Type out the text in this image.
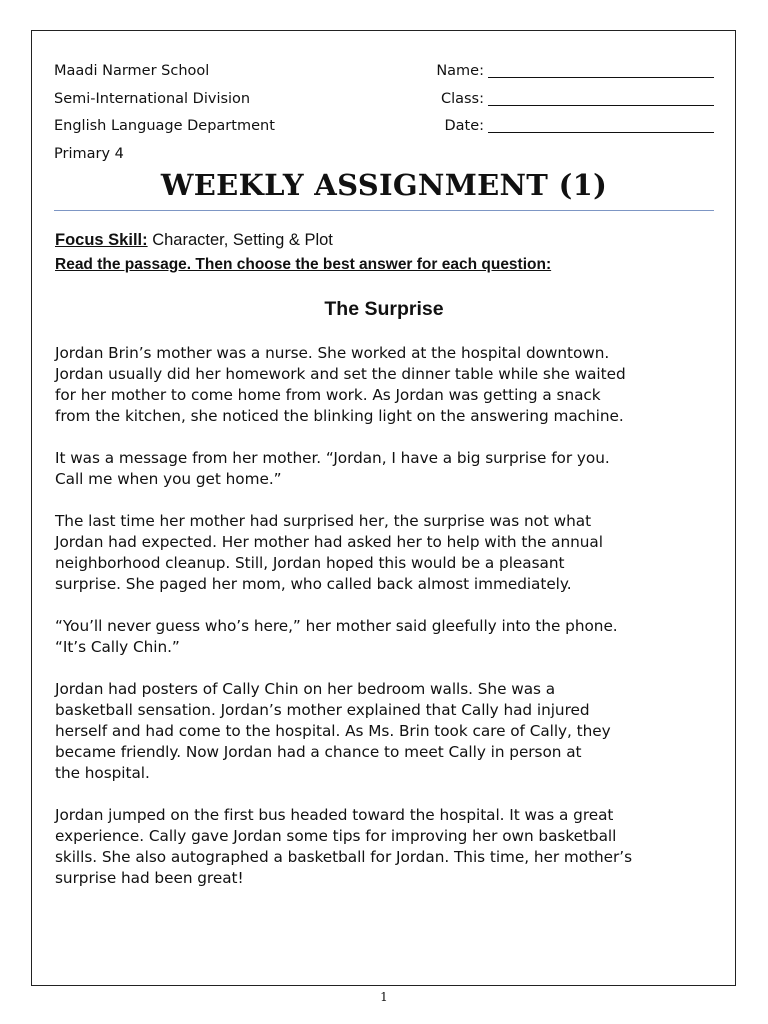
Maadi Narmer School	Name:
Semi-International Division	Class:
English Language Department	Date:
Primary 4
WEEKLY ASSIGNMENT (1)
Focus Skill: Character, Setting & Plot
Read the passage. Then choose the best answer for each question:
The Surprise

Jordan Brin’s mother was a nurse. She worked at the hospital downtown.
Jordan usually did her homework and set the dinner table while she waited
for her mother to come home from work. As Jordan was getting a snack
from the kitchen, she noticed the blinking light on the answering machine.

It was a message from her mother. “Jordan, I have a big surprise for you.
Call me when you get home.”

The last time her mother had surprised her, the surprise was not what
Jordan had expected. Her mother had asked her to help with the annual
neighborhood cleanup. Still, Jordan hoped this would be a pleasant
surprise. She paged her mom, who called back almost immediately.

“You’ll never guess who’s here,” her mother said gleefully into the phone.
“It’s Cally Chin.”

Jordan had posters of Cally Chin on her bedroom walls. She was a
basketball sensation. Jordan’s mother explained that Cally had injured
herself and had come to the hospital. As Ms. Brin took care of Cally, they
became friendly. Now Jordan had a chance to meet Cally in person at
the hospital.

Jordan jumped on the first bus headed toward the hospital. It was a great
experience. Cally gave Jordan some tips for improving her own basketball
skills. She also autographed a basketball for Jordan. This time, her mother’s
surprise had been great!

1
